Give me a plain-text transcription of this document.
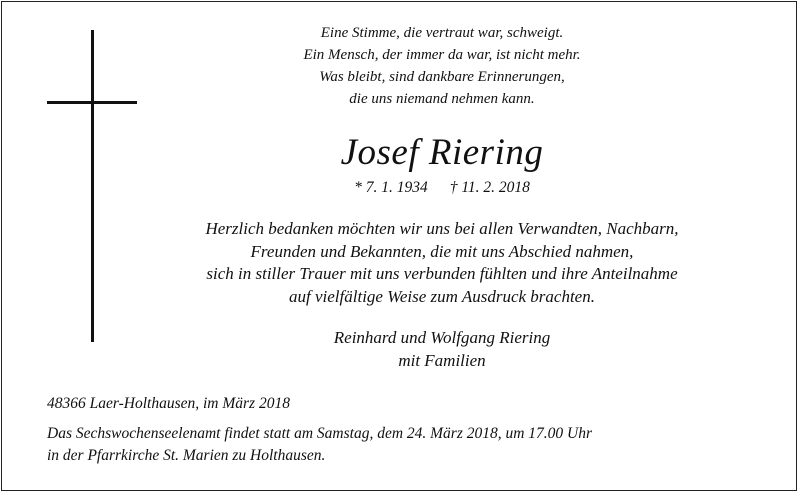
Eine Stimme, die vertraut war, schweigt.
Ein Mensch, der immer da war, ist nicht mehr.
Was bleibt, sind dankbare Erinnerungen,
die uns niemand nehmen kann.
Josef Riering
* 7. 1. 1934 † 11. 2. 2018
Herzlich bedanken möchten wir uns bei allen Verwandten, Nachbarn,
Freunden und Bekannten, die mit uns Abschied nahmen,
sich in stiller Trauer mit uns verbunden fühlten und ihre Anteilnahme
auf vielfältige Weise zum Ausdruck brachten.
Reinhard und Wolfgang Riering
mit Familien
48366 Laer-Holthausen, im März 2018
Das Sechswochenseelenamt findet statt am Samstag, dem 24. März 2018, um 17.00 Uhr
in der Pfarrkirche St. Marien zu Holthausen.
